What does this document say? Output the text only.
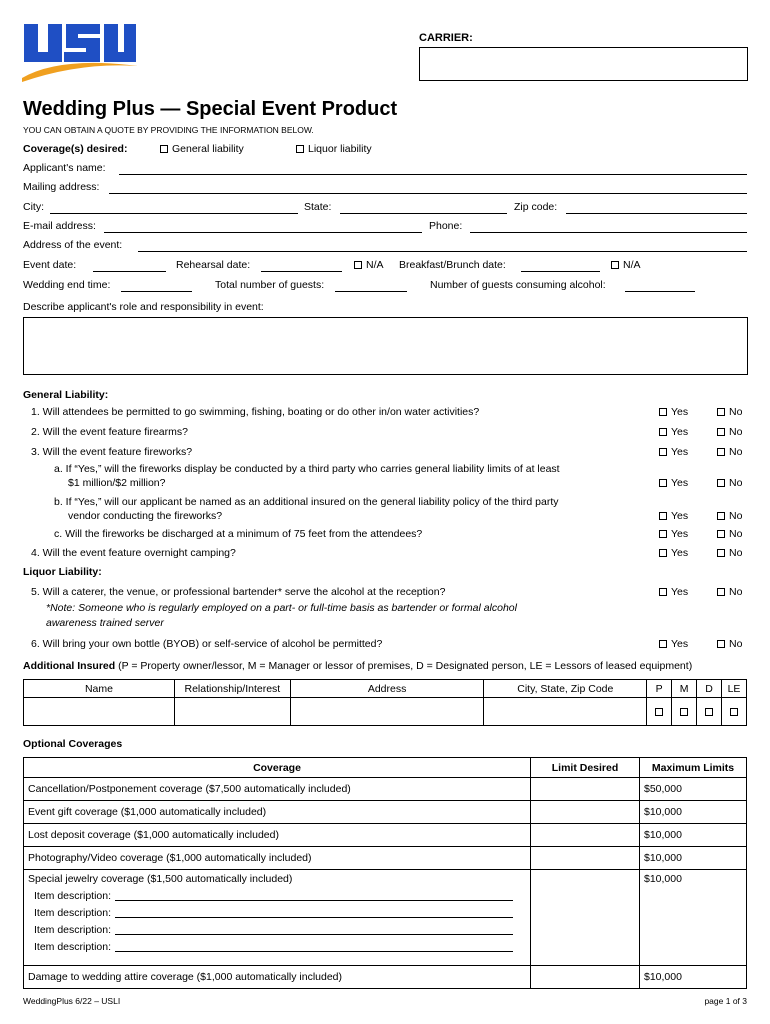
CARRIER:
Wedding Plus — Special Event Product
YOU CAN OBTAIN A QUOTE BY PROVIDING THE INFORMATION BELOW.
Coverage(s) desired:	General liability	Liquor liability
Applicant's name:
Mailing address:
City:	State:	Zip code:
E-mail address:	Phone:
Address of the event:
Event date:	Rehearsal date:	N/A Breakfast/Brunch date:	N/A
Wedding end time:	Total number of guests:	Number of guests consuming alcohol:
Describe applicant's role and responsibility in event:
General Liability:
1. Will attendees be permitted to go swimming, fishing, boating or do other in/on water activities?	Yes	No
2. Will the event feature firearms?	Yes	No
3. Will the event feature fireworks?	Yes	No
a. If “Yes,” will the fireworks display be conducted by a third party who carries general liability limits of at least
$1 million/$2 million?	Yes	No
b. If “Yes,” will our applicant be named as an additional insured on the general liability policy of the third party
vendor conducting the fireworks?	Yes	No
c. Will the fireworks be discharged at a minimum of 75 feet from the attendees?	Yes	No
4. Will the event feature overnight camping?	Yes	No
Liquor Liability:
5. Will a caterer, the venue, or professional bartender* serve the alcohol at the reception?	Yes	No
*Note: Someone who is regularly employed on a part- or full-time basis as bartender or formal alcohol
awareness trained server
6. Will bring your own bottle (BYOB) or self-service of alcohol be permitted?	Yes	No
Additional Insured (P = Property owner/lessor, M = Manager or lessor of premises, D = Designated person, LE = Lessors of leased equipment)
Name	Relationship/Interest	Address	City, State, Zip Code	P	M	D	LE

Optional Coverages
Coverage	Limit Desired	Maximum Limits
Cancellation/Postponement coverage ($7,500 automatically included)		$50,000
Event gift coverage ($1,000 automatically included)		$10,000
Lost deposit coverage ($1,000 automatically included)		$10,000
Photography/Video coverage ($1,000 automatically included)		$10,000

Special jewelry coverage ($1,500 automatically included)
Item description:
Item description:
Item description:
Item description:		$10,000
Damage to wedding attire coverage ($1,000 automatically included)		$10,000
WeddingPlus 6/22 – USLI	page 1 of 3
